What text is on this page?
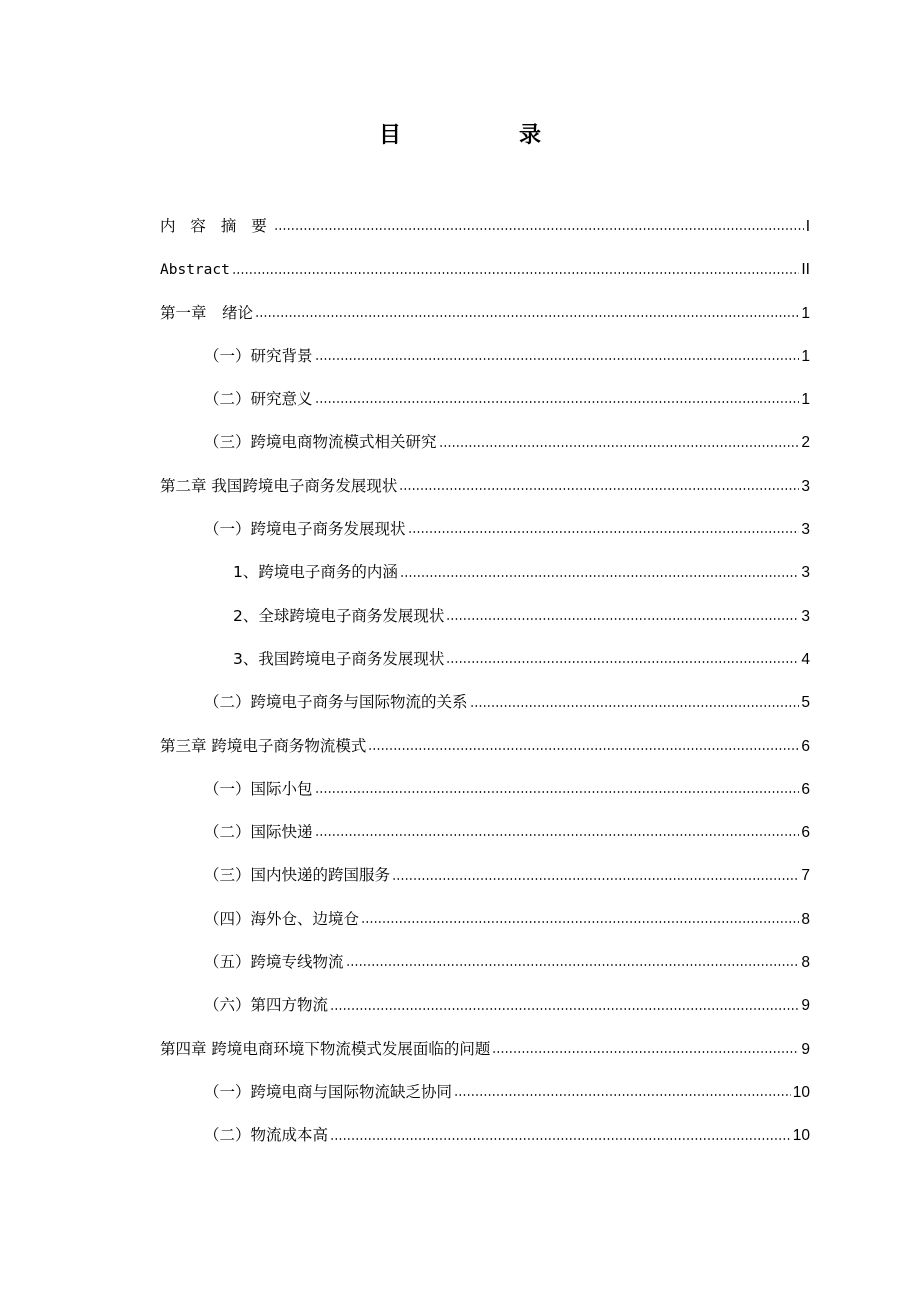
目　录
内 容 摘 要	I
Abstract	II
第一章　绪论	1
（一）研究背景	1
（二）研究意义	1
（三）跨境电商物流模式相关研究	2
第二章 我国跨境电子商务发展现状	3
（一）跨境电子商务发展现状	3
1、跨境电子商务的内涵	3
2、全球跨境电子商务发展现状	3
3、我国跨境电子商务发展现状	4
（二）跨境电子商务与国际物流的关系	5
第三章 跨境电子商务物流模式	6
（一）国际小包	6
（二）国际快递	6
（三）国内快递的跨国服务	7
（四）海外仓、边境仓	8
（五）跨境专线物流	8
（六）第四方物流	9
第四章 跨境电商环境下物流模式发展面临的问题	9
（一）跨境电商与国际物流缺乏协同	10
（二）物流成本高	10
